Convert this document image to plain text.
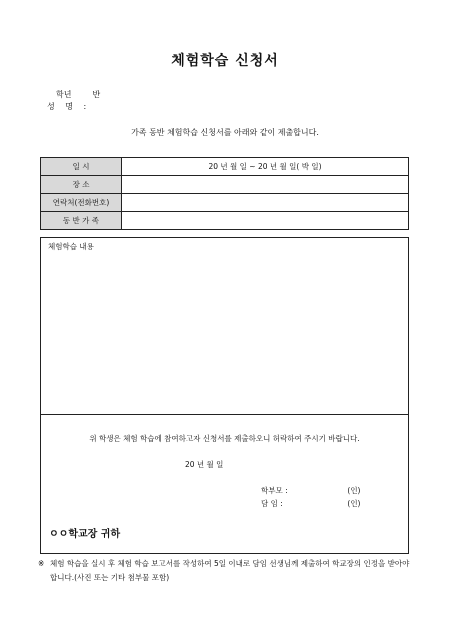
체험학습 신청서
학년	반
성 명 :
가족 동반 체험학습 신청서를 아래와 같이 제출합니다.
일 시	20 년 월 일 ~ 20 년 월 일( 박 일)
장 소	
연락처(전화번호)	
동 반 가 족	
체험학습 내용
위 학생은 체험 학습에 참여하고자 신청서를 제출하오니 허락하여 주시기 바랍니다.
20 년 월 일
학부모 :	(인)
담 임 :	(인)
ㅇㅇ학교장 귀하
※ 체험 학습을 실시 후 체험 학습 보고서를 작성하여 5일 이내로 담임 선생님께 제출하여 학교장의 인정을 받아야 합니다.(사진 또는 기타 첨부물 포함)
